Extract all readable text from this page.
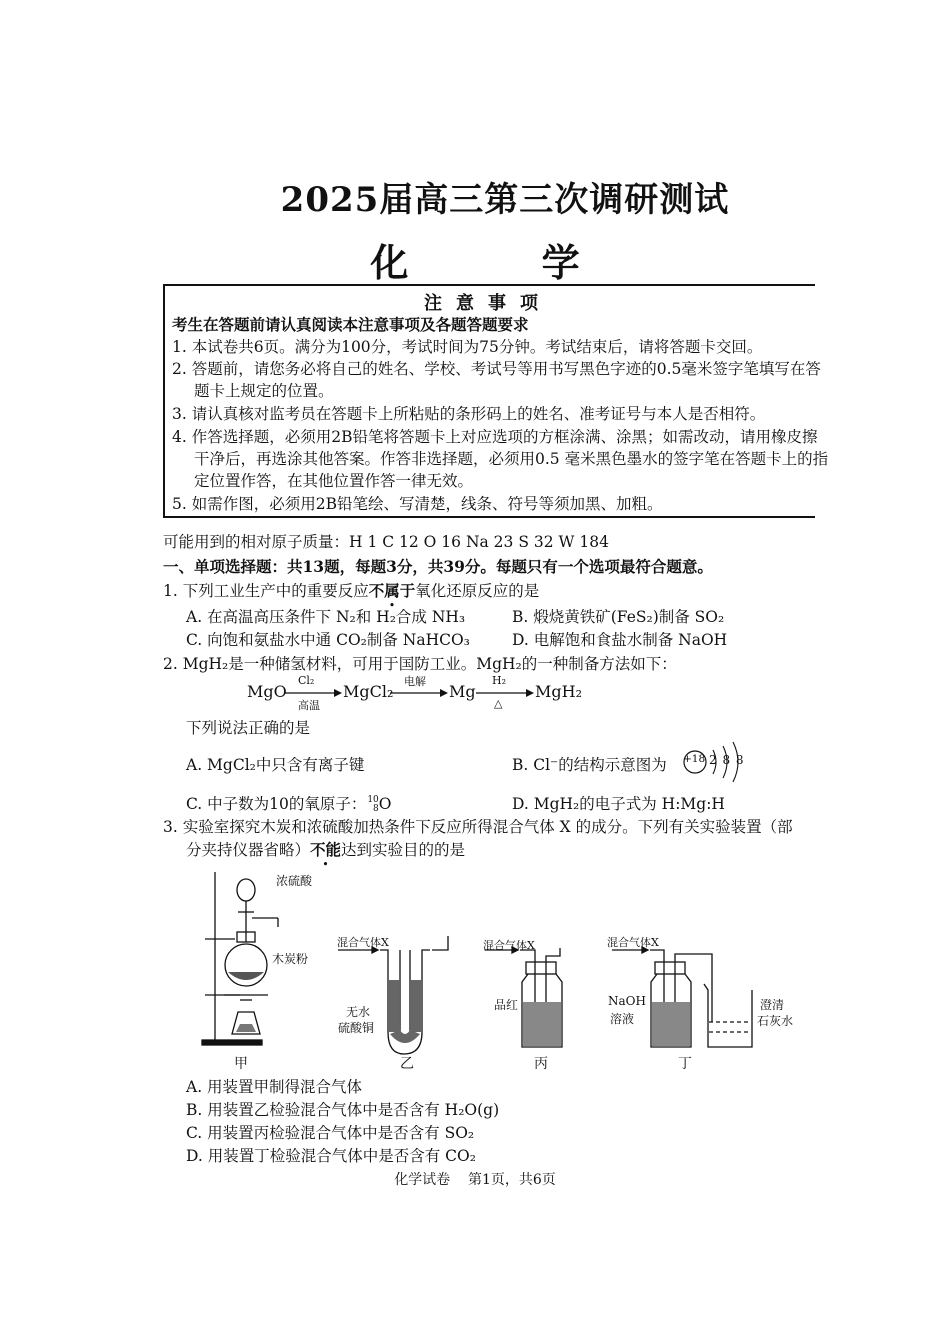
2025届高三第三次调研测试
化 学
注意事项
考生在答题前请认真阅读本注意事项及各题答题要求
1. 本试卷共6页。满分为100分，考试时间为75分钟。考试结束后，请将答题卡交回。
2. 答题前，请您务必将自己的姓名、学校、考试号等用书写黑色字迹的0.5毫米签字笔填写在答
题卡上规定的位置。
3. 请认真核对监考员在答题卡上所粘贴的条形码上的姓名、准考证号与本人是否相符。
4. 作答选择题，必须用2B铅笔将答题卡上对应选项的方框涂满、涂黑；如需改动，请用橡皮擦
干净后，再选涂其他答案。作答非选择题，必须用0.5 毫米黑色墨水的签字笔在答题卡上的指
定位置作答，在其他位置作答一律无效。
5. 如需作图，必须用2B铅笔绘、写清楚，线条、符号等须加黑、加粗。
可能用到的相对原子质量：H 1 C 12 O 16 Na 23 S 32 W 184
一、单项选择题：共13题，每题3分，共39分。每题只有一个选项最符合题意。
1. 下列工业生产中的重要反应不属于氧化还原反应的是
A. 在高温高压条件下 N₂和 H₂合成 NH₃	B. 煅烧黄铁矿(FeS₂)制备 SO₂
C. 向饱和氨盐水中通 CO₂制备 NaHCO₃	D. 电解饱和食盐水制备 NaOH
2. MgH₂是一种储氢材料，可用于国防工业。MgH₂的一种制备方法如下：
MgO
Cl₂
高温
MgCl₂
电解
Mg
H₂
△
MgH₂
下列说法正确的是
A. MgCl₂中只含有离子键	B. Cl⁻的结构示意图为 +18 2 8 8
C. 中子数为10的氧原子： 10
8 O	D. MgH₂的电子式为 H:Mg:H
3. 实验室探究木炭和浓硫酸加热条件下反应所得混合气体 X 的成分。下列有关实验装置（部
分夹持仪器省略）不能达到实验目的的是
浓硫酸
木炭粉
混合气体X
无水
硫酸铜
混合气体X
品红
混合气体X
NaOH
溶液
澄清
石灰水
甲	乙	丙	丁
A. 用装置甲制得混合气体
B. 用装置乙检验混合气体中是否含有 H₂O(g)
C. 用装置丙检验混合气体中是否含有 SO₂
D. 用装置丁检验混合气体中是否含有 CO₂
化学试卷    第1页，共6页
